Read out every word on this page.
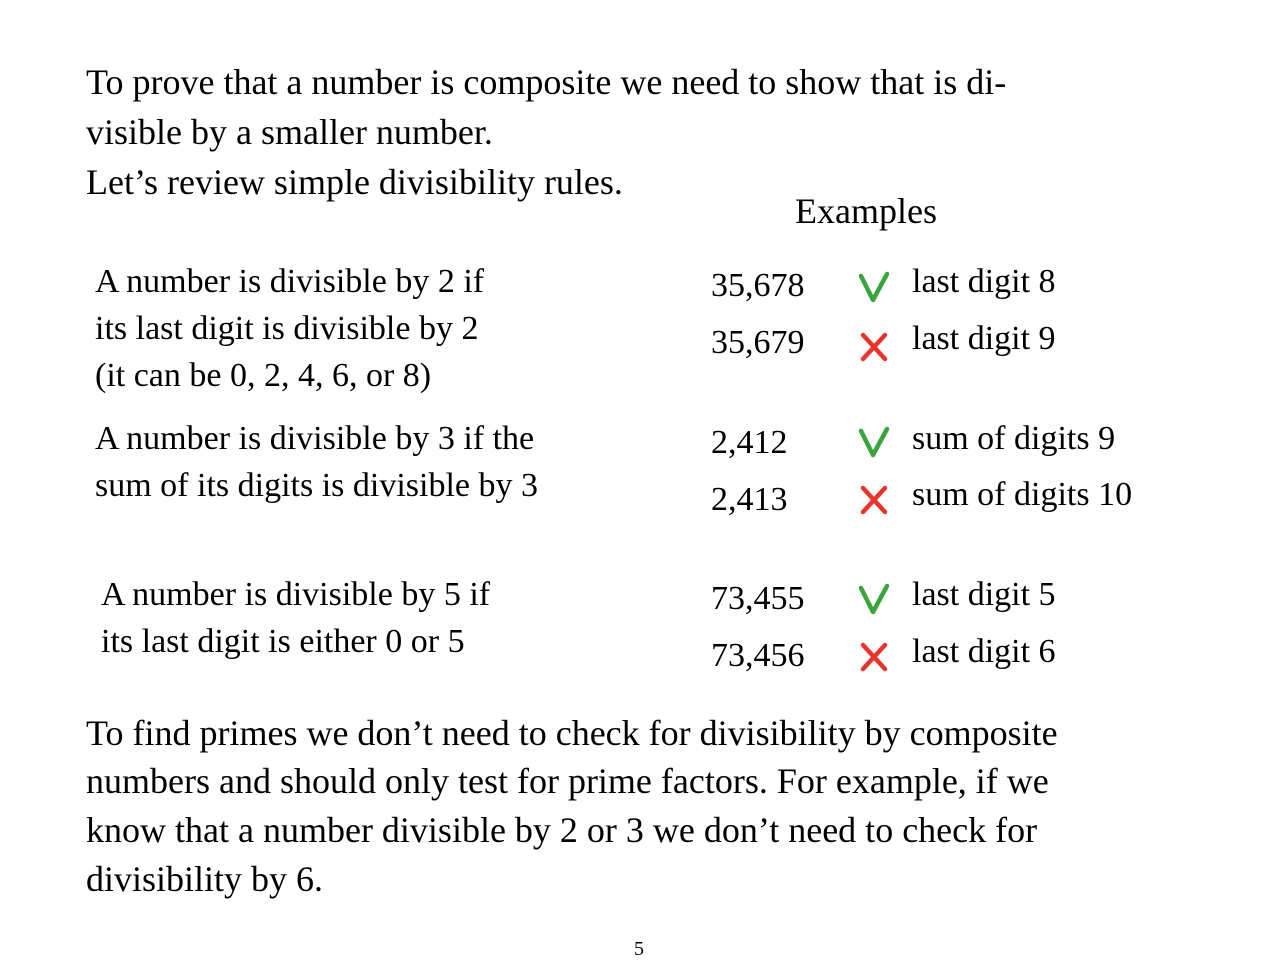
To prove that a number is composite we need to show that is di-
visible by a smaller number.
Let’s review simple divisibility rules.
Examples
A number is divisible by 2 if
its last digit is divisible by 2
(it can be 0, 2, 4, 6, or 8)
35,678	last digit 8
35,679	last digit 9
A number is divisible by 3 if the
sum of its digits is divisible by 3
2,412	sum of digits 9
2,413	sum of digits 10
A number is divisible by 5 if
its last digit is either 0 or 5
73,455	last digit 5
73,456	last digit 6
To find primes we don’t need to check for divisibility by composite
numbers and should only test for prime factors. For example, if we
know that a number divisible by 2 or 3 we don’t need to check for
divisibility by 6.
5
